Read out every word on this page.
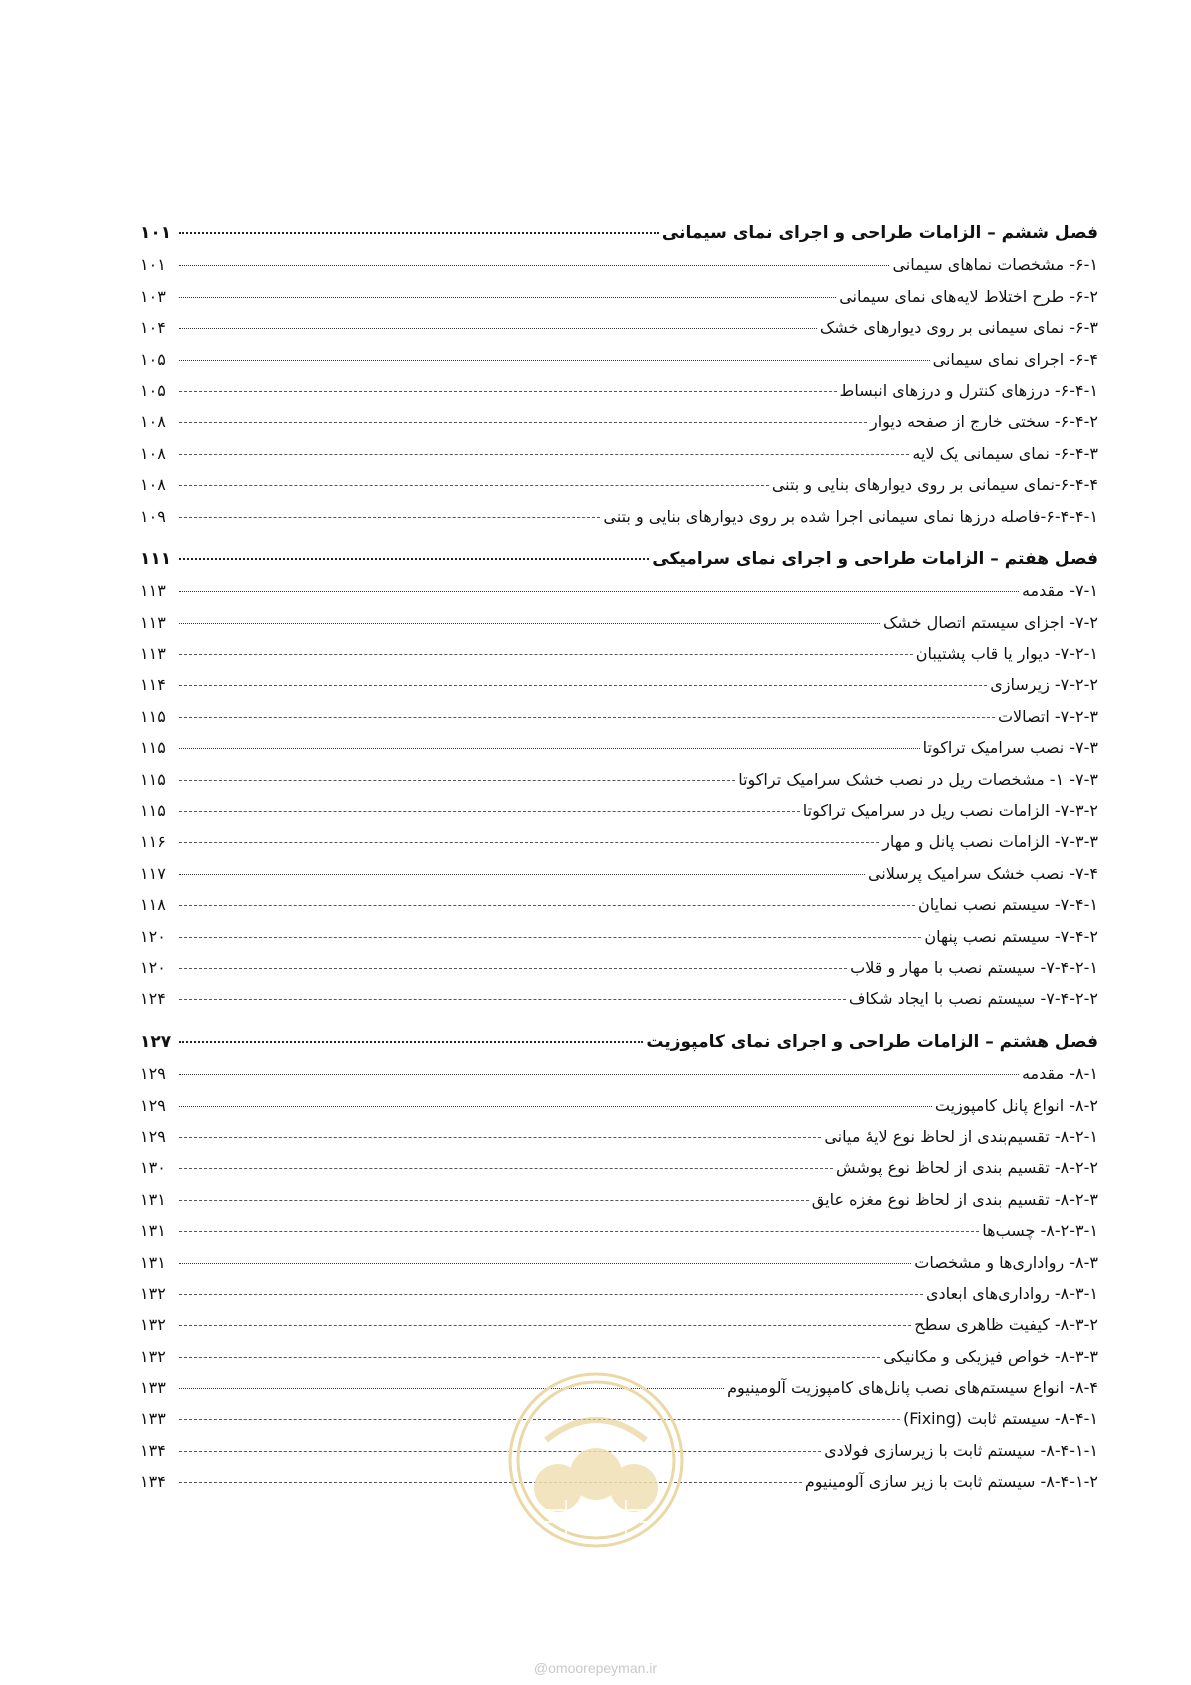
فصل ششم – الزامات طراحی و اجرای نمای سیمانی
۱۰۱
۶-۱- مشخصات نماهای سیمانی
۱۰۱
۶-۲- طرح اختلاط لایه‌های نمای سیمانی
۱۰۳
۶-۳- نمای سیمانی بر روی دیوارهای خشک
۱۰۴
۶-۴- اجرای نمای سیمانی
۱۰۵
۶-۴-۱- درزهای کنترل و درزهای انبساط
۱۰۵
۶-۴-۲- سختی خارج از صفحه دیوار
۱۰۸
۶-۴-۳- نمای سیمانی یک لایه
۱۰۸
۶-۴-۴-نمای سیمانی بر روی دیوارهای بنایی و بتنی
۱۰۸
۶-۴-۴-۱-فاصله درزها نمای سیمانی اجرا شده بر روی دیوارهای بنایی و بتنی
۱۰۹
فصل هفتم – الزامات طراحی و اجرای نمای سرامیکی
۱۱۱
۷-۱- مقدمه
۱۱۳
۷-۲- اجزای سیستم اتصال خشک
۱۱۳
۷-۲-۱- دیوار یا قاب پشتیبان
۱۱۳
۷-۲-۲- زیرسازی
۱۱۴
۷-۲-۳- اتصالات
۱۱۵
۷-۳- نصب سرامیک تراکوتا
۱۱۵
۷-۳- ۱- مشخصات ریل در نصب خشک سرامیک تراکوتا
۱۱۵
۷-۳-۲- الزامات نصب ریل در سرامیک تراکوتا
۱۱۵
۷-۳-۳- الزامات نصب پانل و مهار
۱۱۶
۷-۴- نصب خشک سرامیک پرسلانی
۱۱۷
۷-۴-۱- سیستم نصب نمایان
۱۱۸
۷-۴-۲- سیستم نصب پنهان
۱۲۰
۷-۴-۲-۱- سیستم نصب با مهار و قلاب
۱۲۰
۷-۴-۲-۲- سیستم نصب با ایجاد شکاف
۱۲۴
فصل هشتم – الزامات طراحی و اجرای نمای کامپوزیت
۱۲۷
۸-۱- مقدمه
۱۲۹
۸-۲- انواع پانل کامپوزیت
۱۲۹
۸-۲-۱- تقسیم‌بندی از لحاظ نوع لایهٔ میانی
۱۲۹
۸-۲-۲- تقسیم بندی از لحاظ نوع پوشش
۱۳۰
۸-۲-۳- تقسیم بندی از لحاظ نوع مغزه عایق
۱۳۱
۸-۲-۳-۱- چسب‌ها
۱۳۱
۸-۳- رواداری‌ها و مشخصات
۱۳۱
۸-۳-۱- رواداری‌های ابعادی
۱۳۲
۸-۳-۲- کیفیت ظاهری سطح
۱۳۲
۸-۳-۳- خواص فیزیکی و مکانیکی
۱۳۲
۸-۴- انواع سیستم‌های نصب پانل‌های کامپوزیت آلومینیوم
۱۳۳
۸-۴-۱- سیستم ثابت (Fixing)
۱۳۳
۸-۴-۱-۱- سیستم ثابت با زیرسازی فولادی
۱۳۴
۸-۴-۱-۲- سیستم ثابت با زیر سازی آلومینیوم
۱۳۴
@omoorepeyman.ir
